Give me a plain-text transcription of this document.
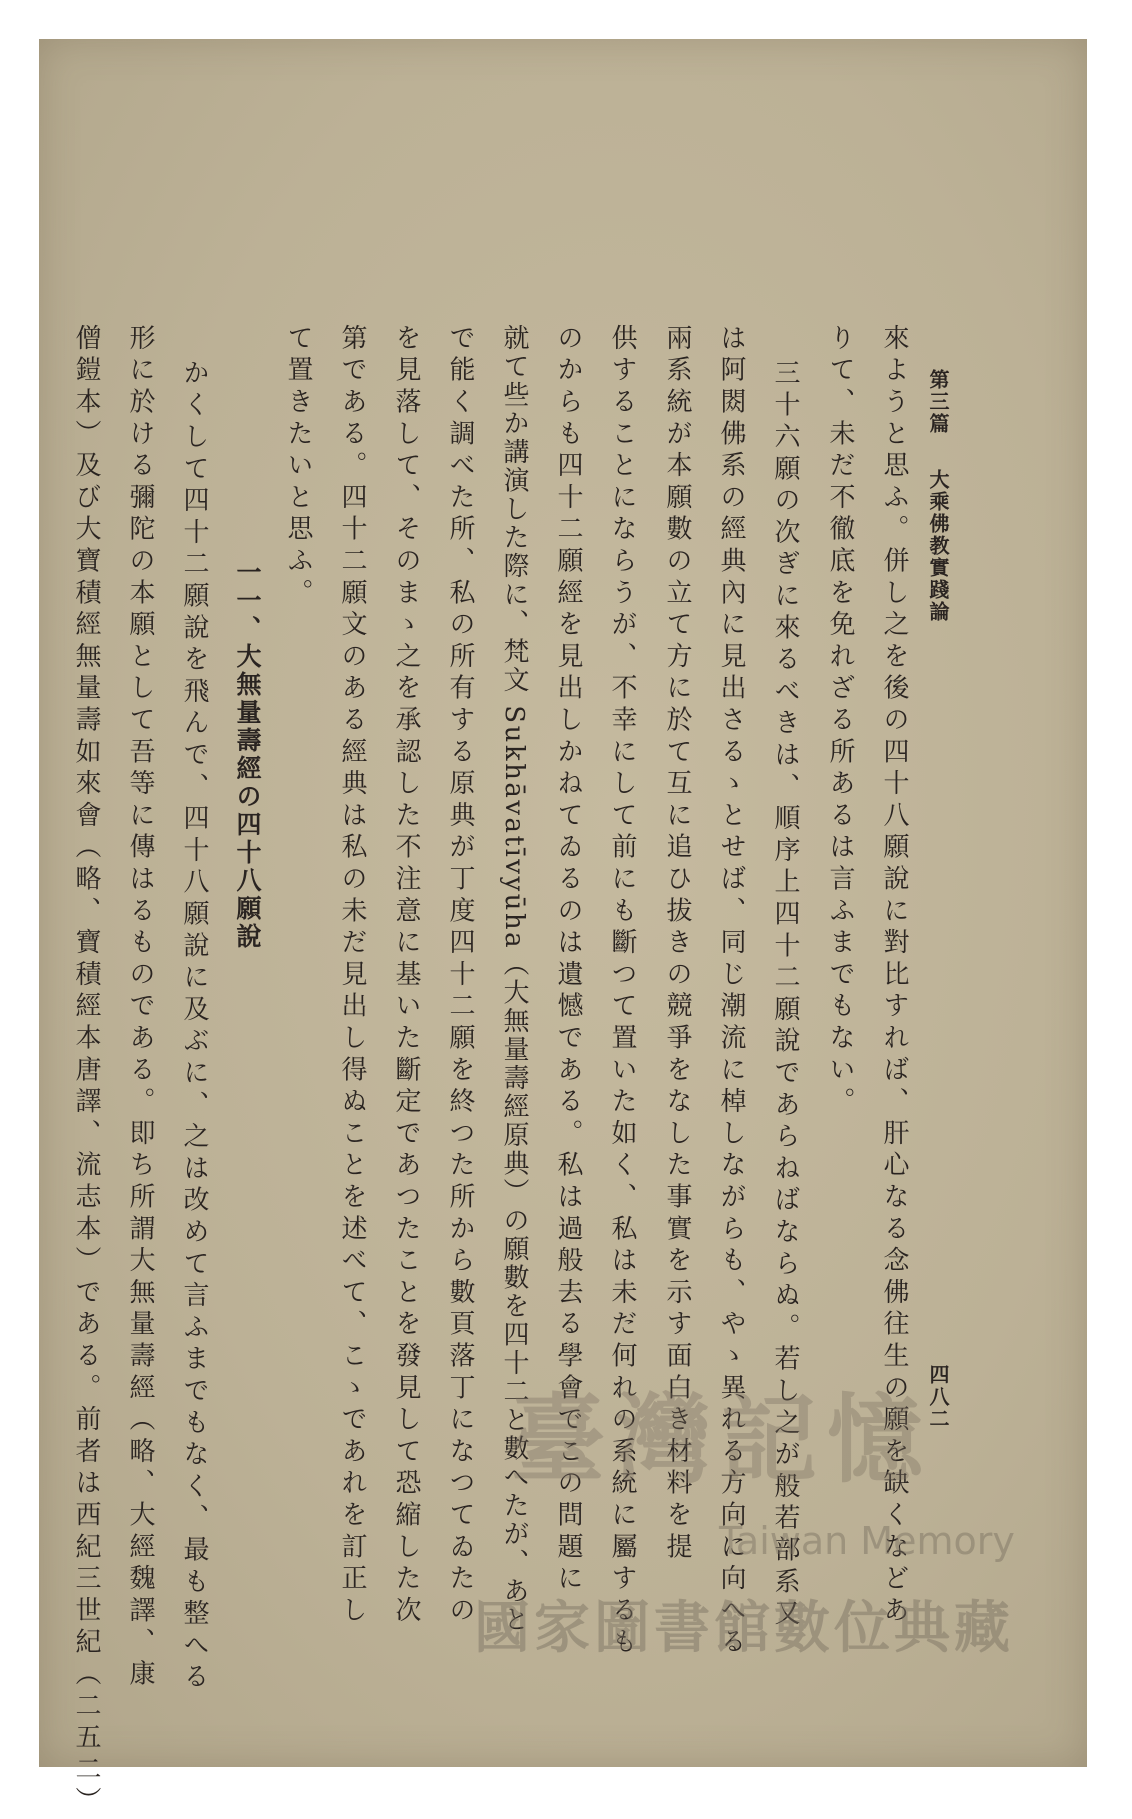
第三篇
大乘佛教實踐論
四八二
來ようと思ふ。併し之を後の四十八願說に對比すれば、肝心なる念佛往生の願を缺くなどあ
りて、未だ不徹底を免れざる所あるは言ふまでもない。
三十六願の次ぎに來るべきは、順序上四十二願說であらねばならぬ。若し之が般若部系又
は阿閦佛系の經典內に見出さるゝとせば、同じ潮流に棹しながらも、やゝ異れる方向に向へる
兩系統が本願數の立て方に於て互に追ひ拔きの競爭をなした事實を示す面白き材料を提
供することにならうが、不幸にして前にも斷つて置いた如く、私は未だ何れの系統に屬するも
のからも四十二願經を見出しかねてゐるのは遺憾である。私は過般去る學會でこの問題に
就て些か講演した際に、梵文 Sukhāvatīvyūha（大無量壽經原典）の願數を四十二と數へたが、あと
で能く調べた所、私の所有する原典が丁度四十二願を終つた所から數頁落丁になつてゐたの
を見落して、そのまゝ之を承認した不注意に基いた斷定であつたことを發見して恐縮した次
第である。四十二願文のある經典は私の未だ見出し得ぬことを述べて、こゝであれを訂正し
て置きたいと思ふ。
一一、大無量壽經の四十八願說
かくして四十二願說を飛んで、四十八願說に及ぶに、之は改めて言ふまでもなく、最も整へる
形に於ける彌陀の本願として吾等に傳はるものである。即ち所謂大無量壽經（略、大經魏譯、康
僧鎧本）及び大寶積經無量壽如來會（略、寶積經本唐譯、流志本）である。前者は西紀三世紀（二五二）	臺灣記憶
Taiwan Memory
國家圖書館數位典藏
